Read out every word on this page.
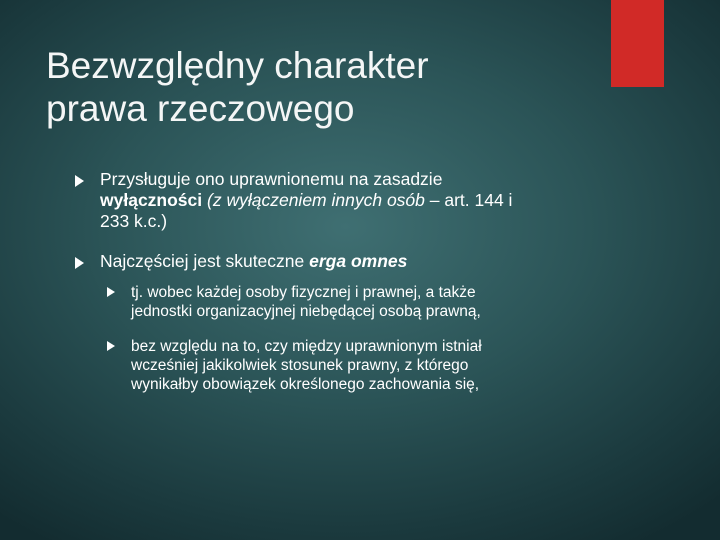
Bezwzględny charakter
prawa rzeczowego
Przysługuje ono uprawnionemu na zasadzie
wyłączności (z wyłączeniem innych osób – art. 144 i
233 k.c.)
Najczęściej jest skuteczne erga omnes
tj. wobec każdej osoby fizycznej i prawnej, a także
jednostki organizacyjnej niebędącej osobą prawną,
bez względu na to, czy między uprawnionym istniał
wcześniej jakikolwiek stosunek prawny, z którego
wynikałby obowiązek określonego zachowania się,
